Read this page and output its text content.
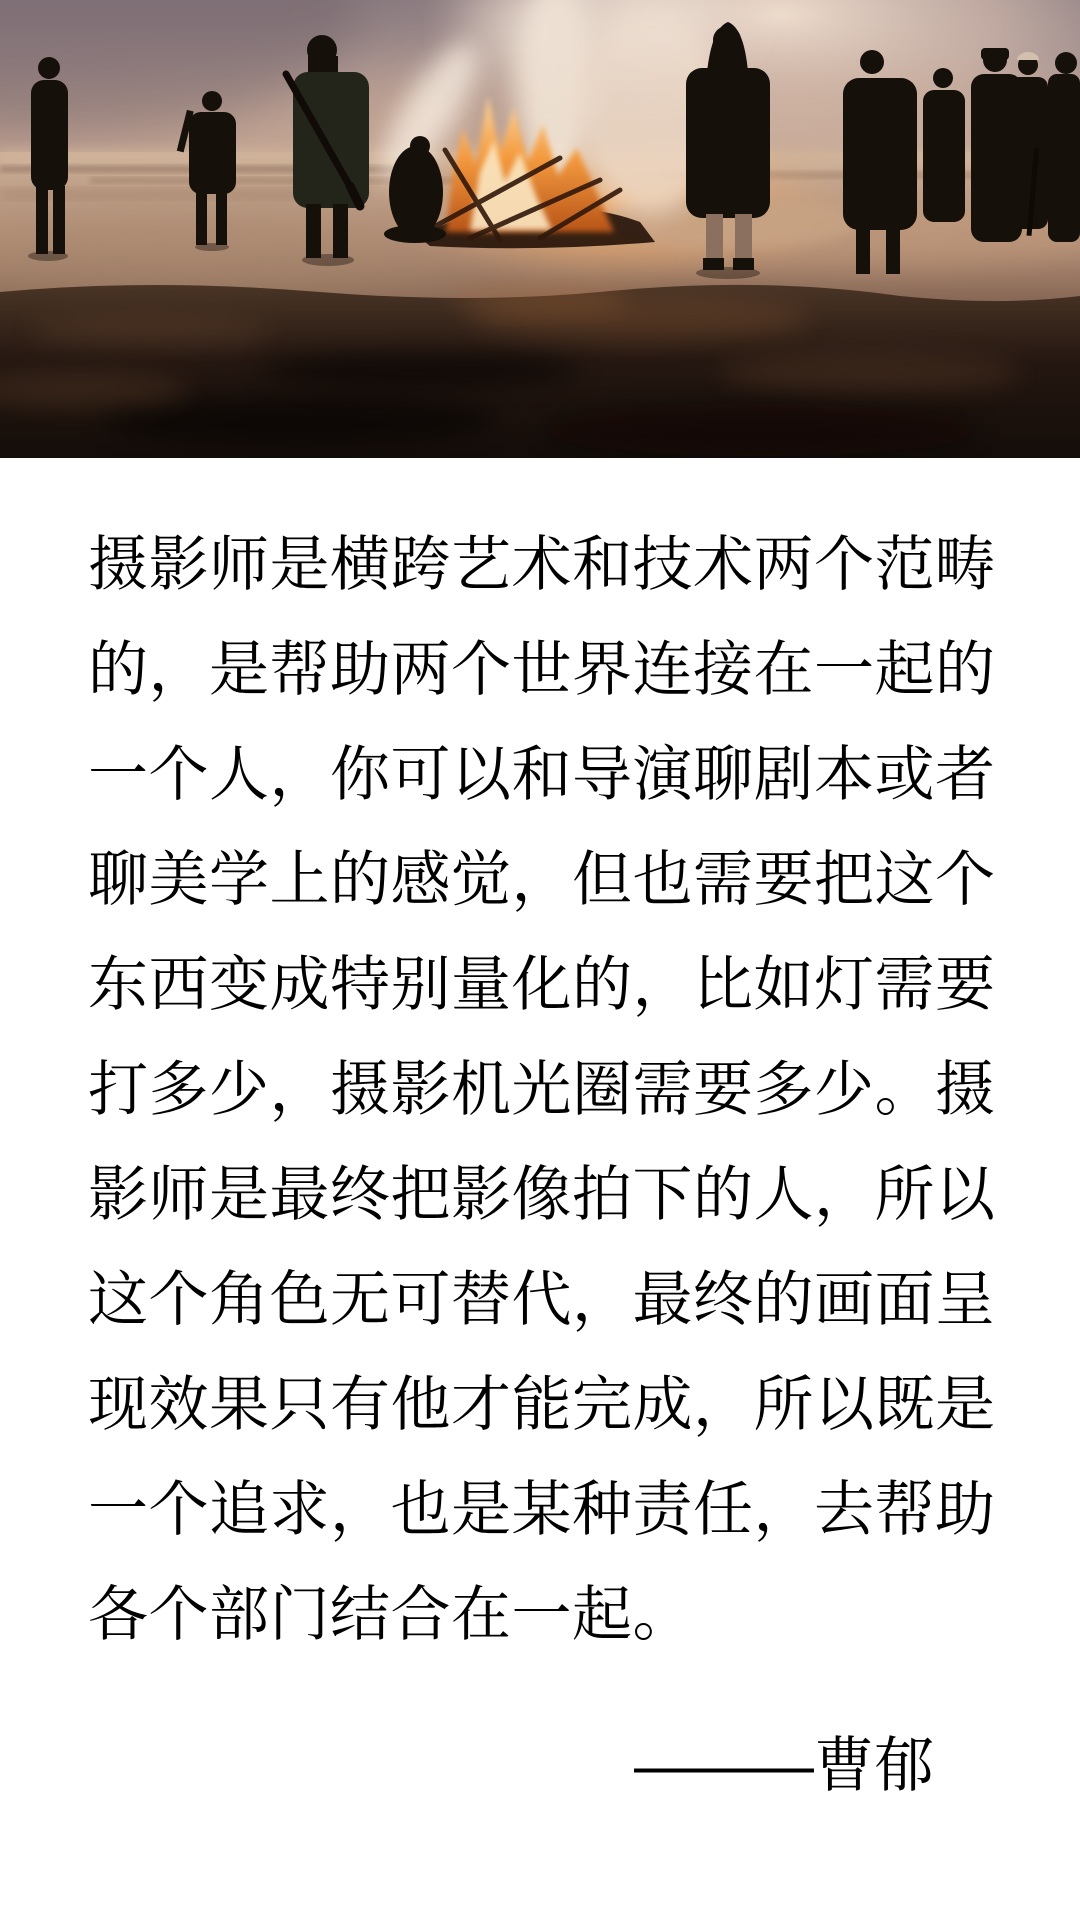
摄影师是横跨艺术和技术两个范畴
的，是帮助两个世界连接在一起的
一个人，你可以和导演聊剧本或者
聊美学上的感觉，但也需要把这个
东西变成特别量化的，比如灯需要
打多少，摄影机光圈需要多少。摄
影师是最终把影像拍下的人，所以
这个角色无可替代，最终的画面呈
现效果只有他才能完成，所以既是
一个追求，也是某种责任，去帮助
各个部门结合在一起。
———曹郁
